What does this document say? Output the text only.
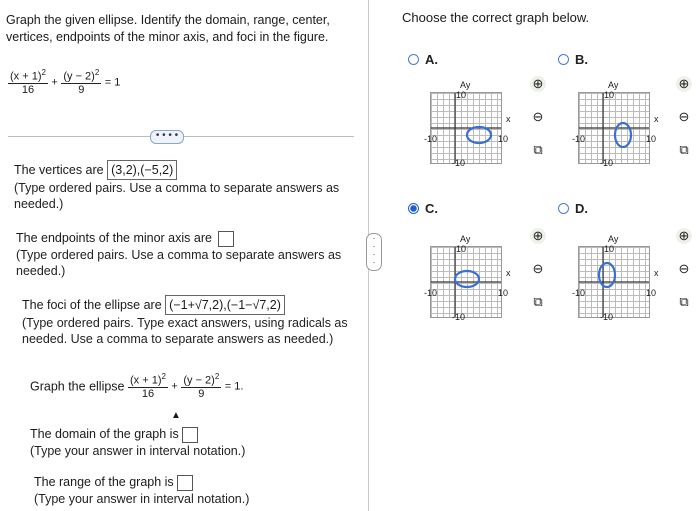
Graph the given ellipse. Identify the domain, range, center,
vertices, endpoints of the minor axis, and foci in the figure.
$\frac{(x + 1)^2}{16} + \frac{(y - 2)^2}{9} = 1$
• • • •
The vertices are (3,2),(−5,2)
(Type ordered pairs. Use a comma to separate answers as
needed.)
The endpoints of the minor axis are
(Type ordered pairs. Use a comma to separate answers as
needed.)
The foci of the ellipse are (−1+√7,2),(−1−√7,2)
(Type ordered pairs. Type exact answers, using radicals as
needed. Use a comma to separate answers as needed.)
Graph the ellipse $\frac{(x + 1)^2}{16} + \frac{(y - 2)^2}{9} = 1$.
▲
The domain of the graph is
(Type your answer in interval notation.)
The range of the graph is
(Type your answer in interval notation.)
·
·
·
·
Choose the correct graph below.
A.
Ay
10
x
-10	10
-10
⊕
⊖
⧉
B.
Ay
10
x
-10	10
-10
⊕
⊖
⧉
C.
Ay
10
x
-10	10
-10
⊕
⊖
⧉
D.
Ay
10
x
-10	10
-10
⊕
⊖
⧉
